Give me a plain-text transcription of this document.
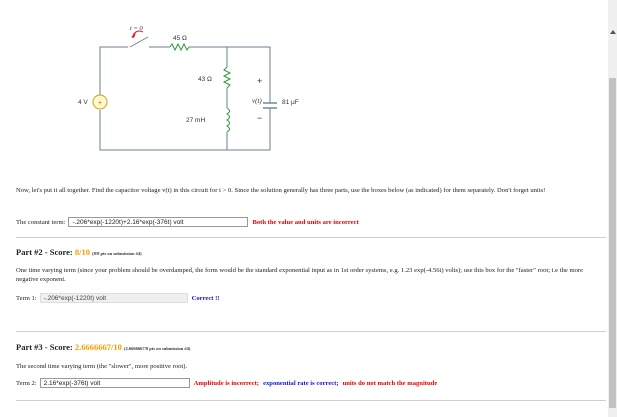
+
t = 0
45 Ω
43 Ω
4 V
27 mH
+
v(t)
−
81 μF
Now, let's put it all together. Find the capacitor voltage v(t) in this circuit for t > 0. Since the solution generally has three parts, use the boxes below (as indicated) for them separately. Don't forget units!
The constant term:	-.206*exp(-1220t)+2.16*exp(-376t) volt	Both the value and units are incorrect
Part #2 - Score: 8/10 (8/8 pts on submission #4)
One time varying term (since your problem should be overdamped, the form would be the standard exponential input as in 1st order systems, e.g. 1.23 exp(-4.56t) volts); use this box for the "faster" root; i.e the more negative exponent.
Term 1:	-.206*exp(-1220t) volt	Correct !!
Part #3 - Score: 2.6666667/10 (2.6666667/8 pts on submission #4)
The second time varying term (the "slower", more positive root).
Term 2:	2.16*exp(-376t) volt	Amplitude is incorrect; exponential rate is correct; units do not match the magnitude
